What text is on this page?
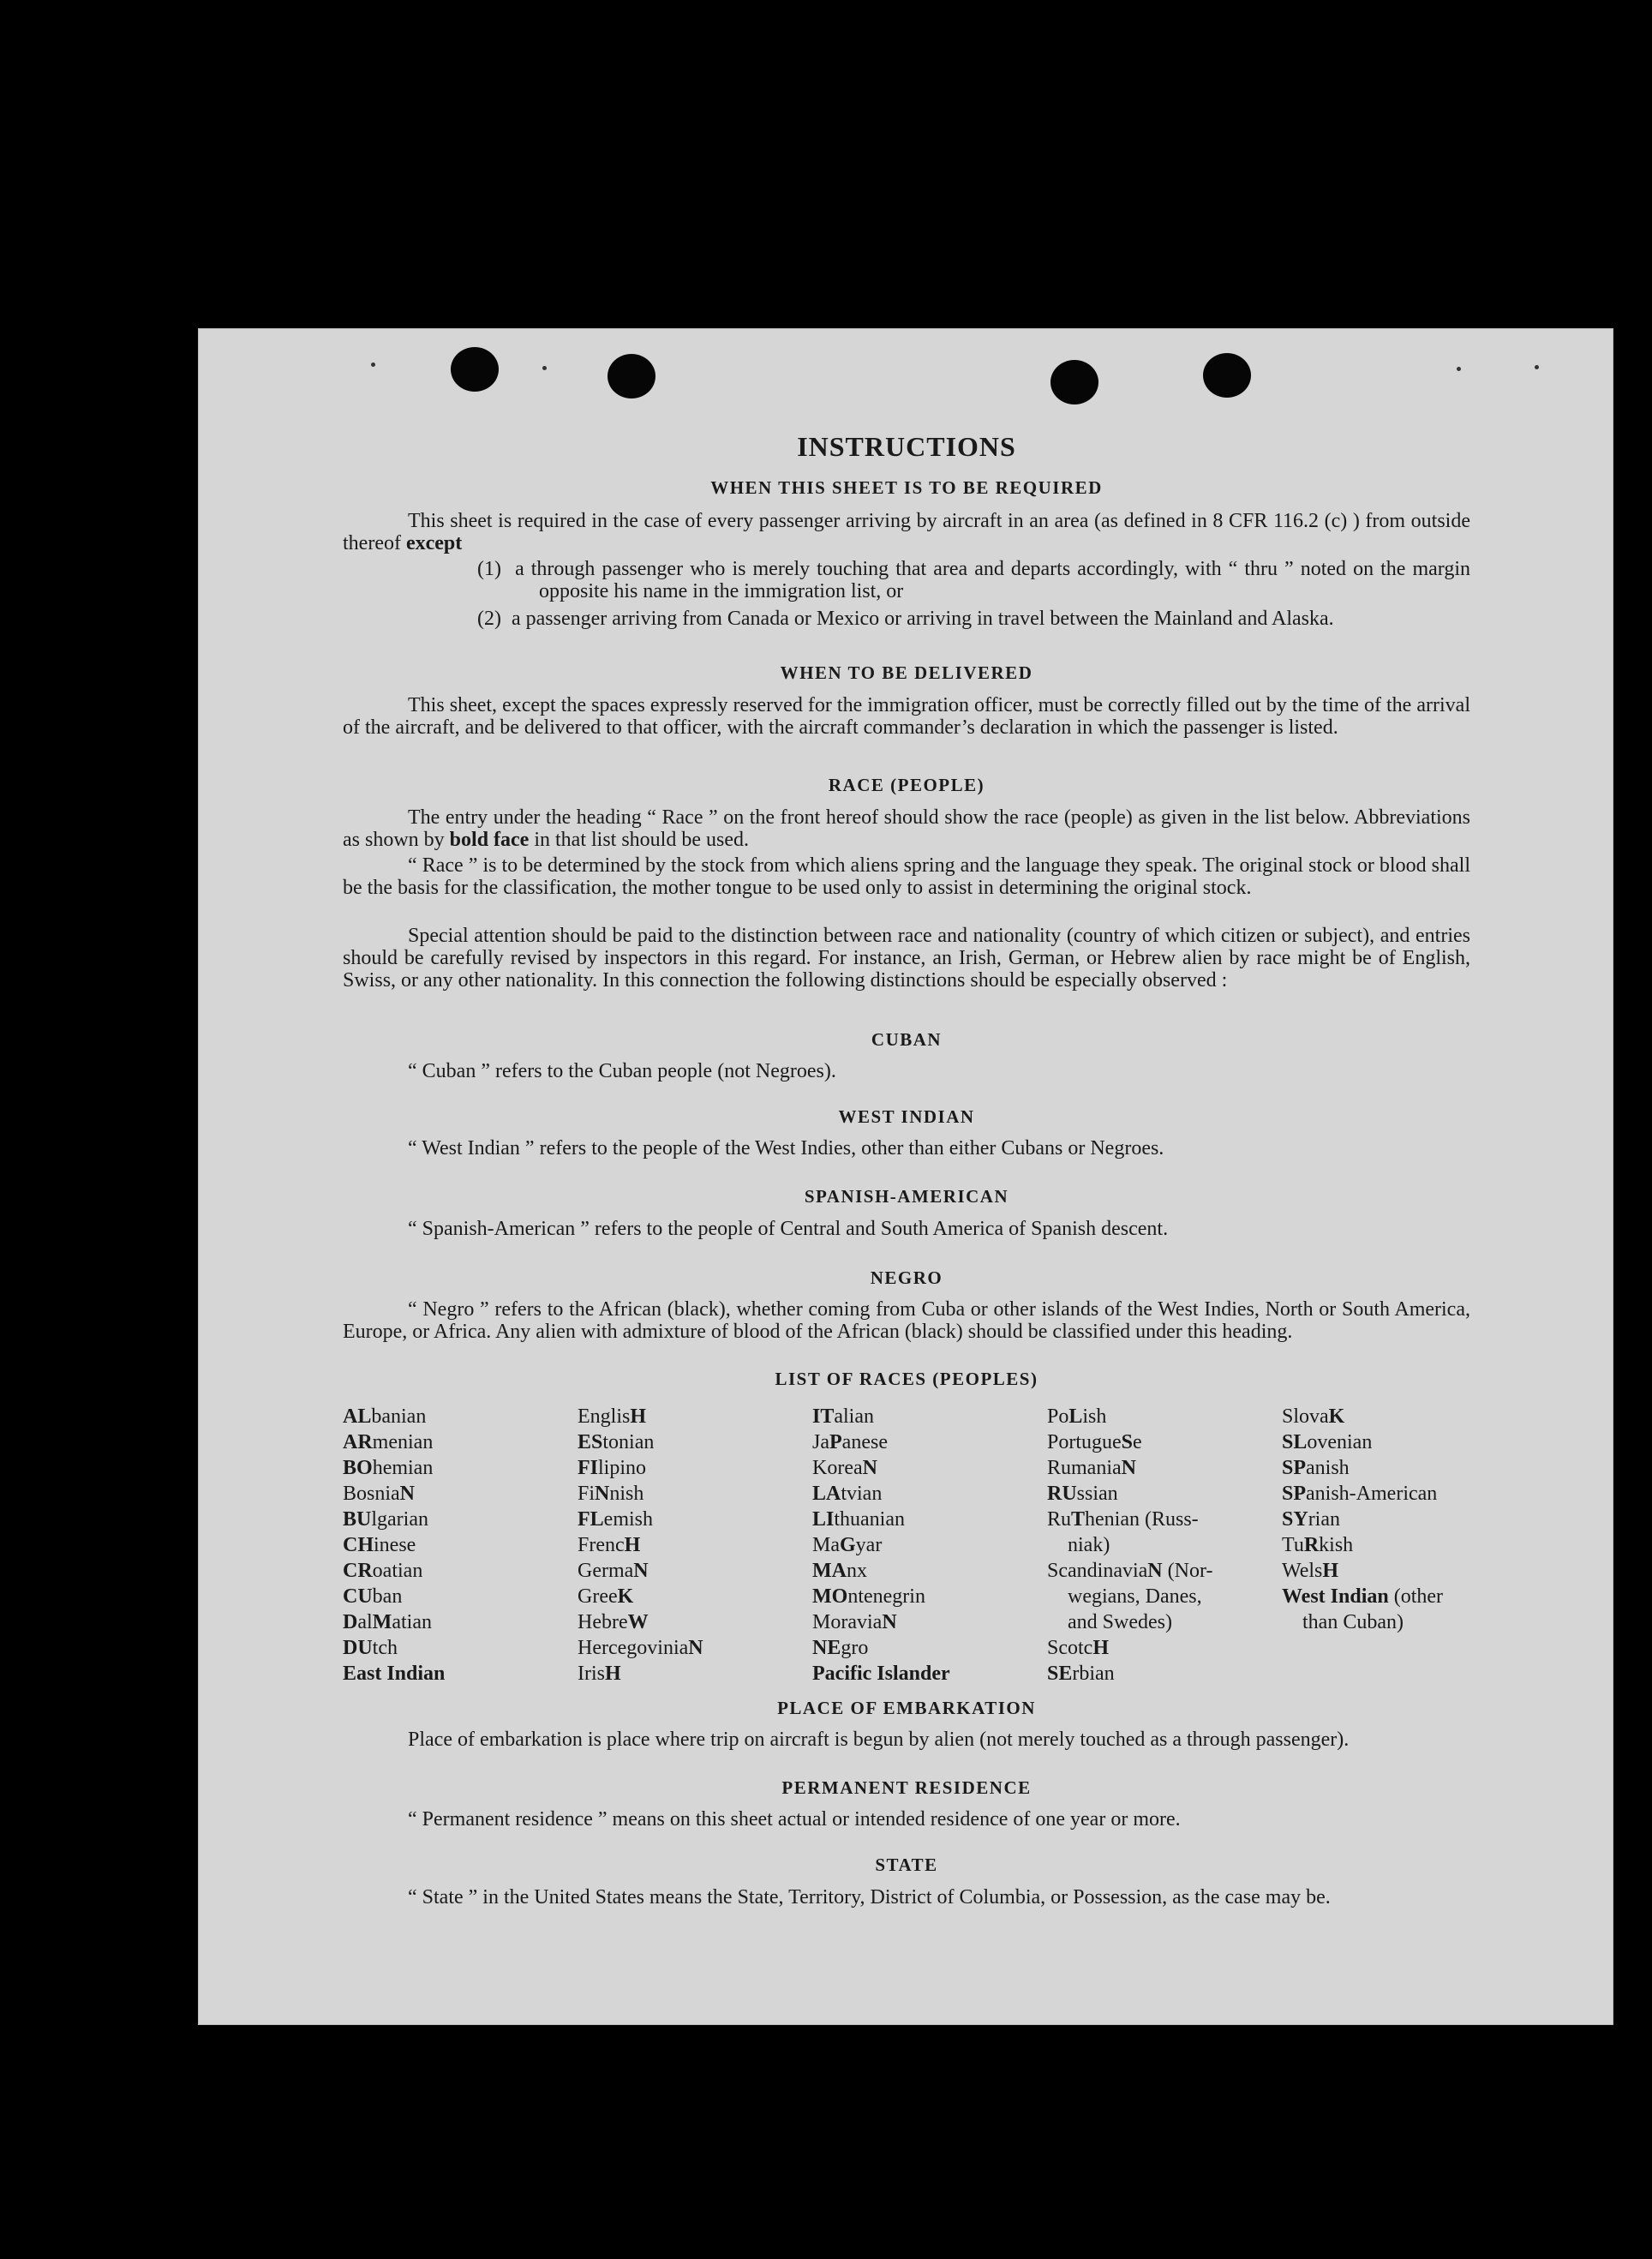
INSTRUCTIONS
WHEN THIS SHEET IS TO BE REQUIRED
This sheet is required in the case of every passenger arriving by aircraft in an area (as defined in 8 CFR 116.2 (c) ) from outside thereof except
(1) a through passenger who is merely touching that area and departs accordingly, with “ thru ” noted on the margin opposite his name in the immigration list, or
(2) a passenger arriving from Canada or Mexico or arriving in travel between the Mainland and Alaska.
WHEN TO BE DELIVERED
This sheet, except the spaces expressly reserved for the immigration officer, must be correctly filled out by the time of the arrival of the aircraft, and be delivered to that officer, with the aircraft commander’s declaration in which the passenger is listed.
RACE (PEOPLE)
The entry under the heading “ Race ” on the front hereof should show the race (people) as given in the list below. Abbreviations as shown by bold face in that list should be used.
“ Race ” is to be determined by the stock from which aliens spring and the language they speak. The original stock or blood shall be the basis for the classification, the mother tongue to be used only to assist in determining the original stock.
Special attention should be paid to the distinction between race and nationality (country of which citizen or subject), and entries should be carefully revised by inspectors in this regard. For instance, an Irish, German, or Hebrew alien by race might be of English, Swiss, or any other nationality. In this connection the following distinctions should be especially observed :
CUBAN
“ Cuban ” refers to the Cuban people (not Negroes).
WEST INDIAN
“ West Indian ” refers to the people of the West Indies, other than either Cubans or Negroes.
SPANISH-AMERICAN
“ Spanish-American ” refers to the people of Central and South America of Spanish descent.
NEGRO
“ Negro ” refers to the African (black), whether coming from Cuba or other islands of the West Indies, North or South America, Europe, or Africa. Any alien with admixture of blood of the African (black) should be classified under this heading.
LIST OF RACES (PEOPLES)
ALbanian
ARmenian
BOhemian
BosniaN
BUlgarian
CHinese
CRoatian
CUban
DalMatian
DUtch
East Indian
EnglisH
EStonian
FIlipino
FiNnish
FLemish
FrencH
GermaN
GreeK
HebreW
HercegoviniaN
IrisH
ITalian
JaPanese
KoreaN
LAtvian
LIthuanian
MaGyar
MAnx
MOntenegrin
MoraviaN
NEgro
Pacific Islander
PoLish
PortugueSe
RumaniaN
RUssian
RuThenian (Russ-
niak)
ScandinaviaN (Nor-
wegians, Danes,
and Swedes)
ScotcH
SErbian
SlovaK
SLovenian
SPanish
SPanish-American
SYrian
TuRkish
WelsH
West Indian (other
than Cuban)
PLACE OF EMBARKATION
Place of embarkation is place where trip on aircraft is begun by alien (not merely touched as a through passenger).
PERMANENT RESIDENCE
“ Permanent residence ” means on this sheet actual or intended residence of one year or more.
STATE
“ State ” in the United States means the State, Territory, District of Columbia, or Possession, as the case may be.
